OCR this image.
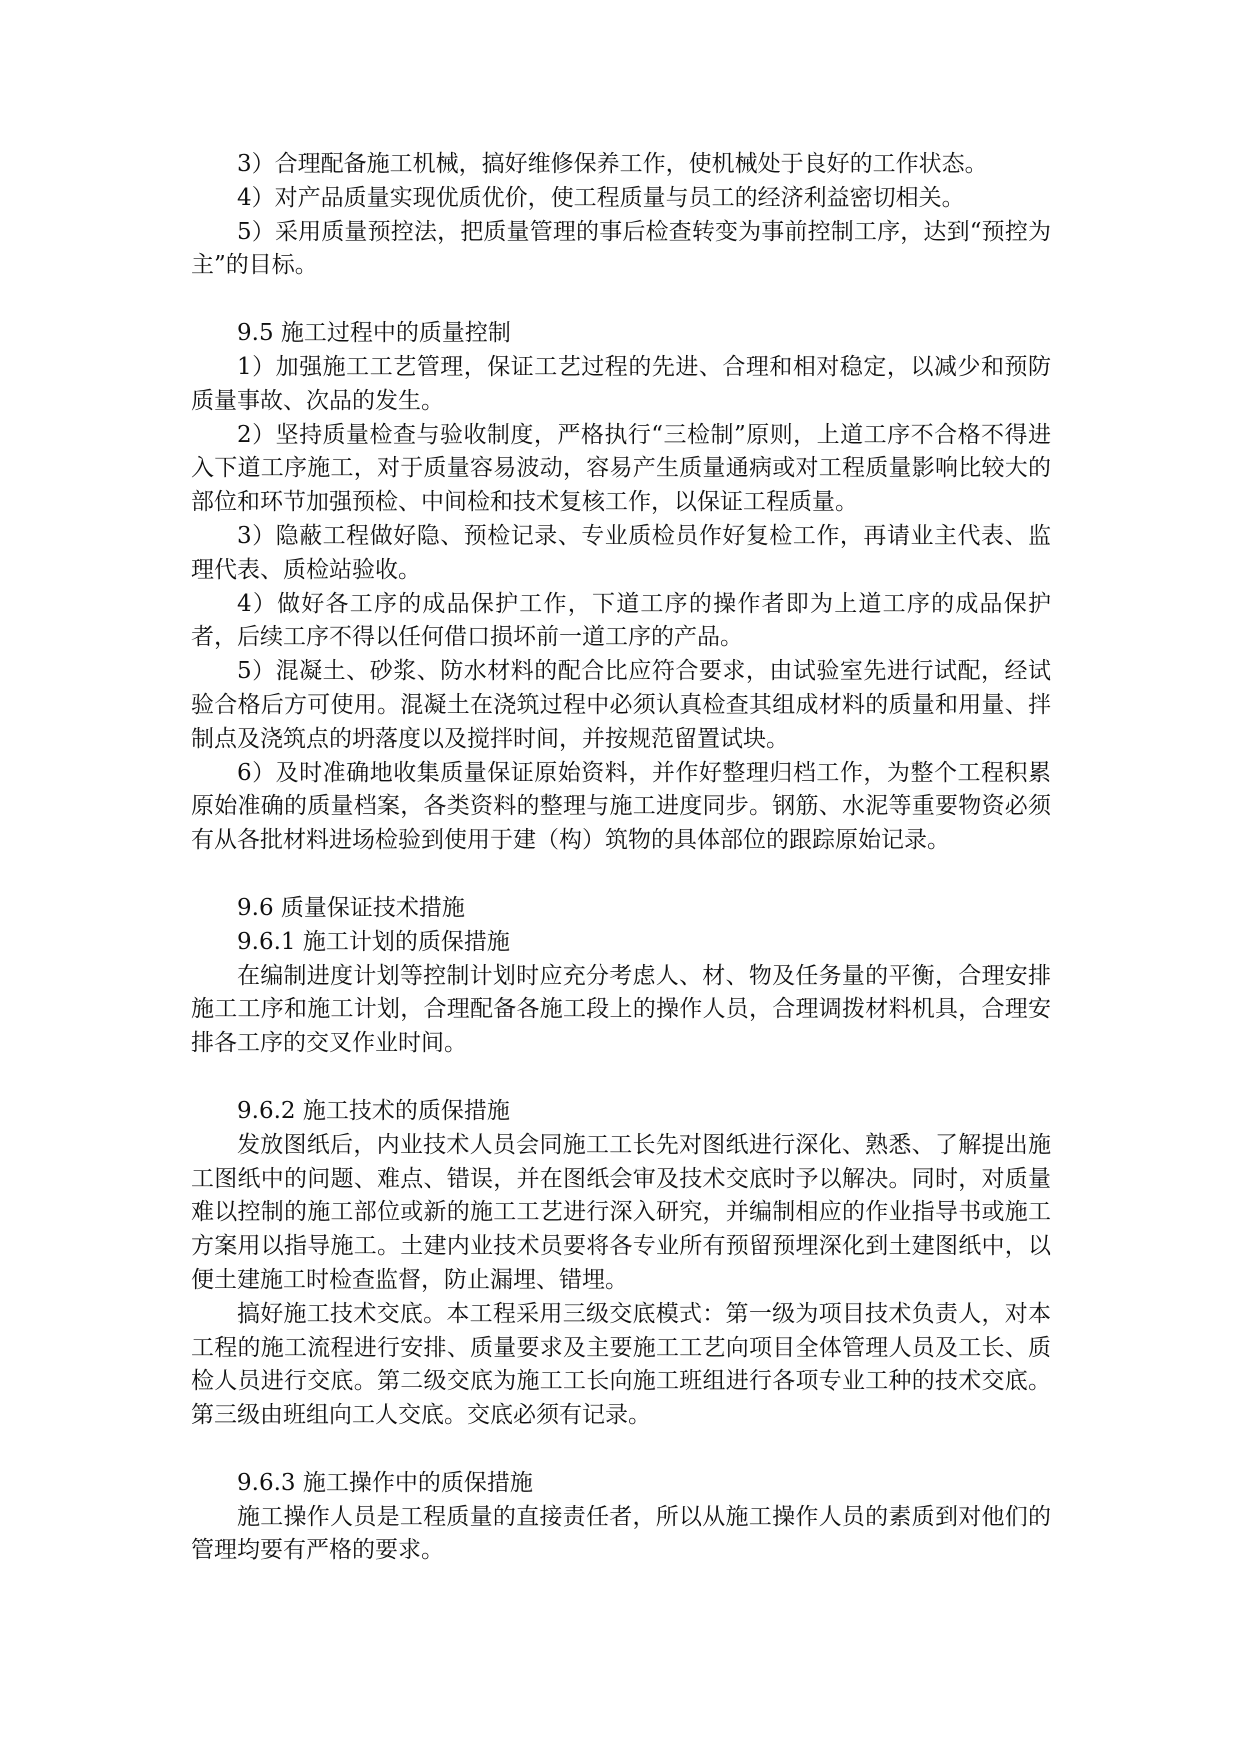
3）合理配备施工机械，搞好维修保养工作，使机械处于良好的工作状态。

4）对产品质量实现优质优价，使工程质量与员工的经济利益密切相关。

5）采用质量预控法，把质量管理的事后检查转变为事前控制工序，达到“预控为主”的目标。

9.5 施工过程中的质量控制

1）加强施工工艺管理，保证工艺过程的先进、合理和相对稳定，以减少和预防质量事故、次品的发生。

2）坚持质量检查与验收制度，严格执行“三检制”原则，上道工序不合格不得进入下道工序施工，对于质量容易波动，容易产生质量通病或对工程质量影响比较大的部位和环节加强预检、中间检和技术复核工作，以保证工程质量。

3）隐蔽工程做好隐、预检记录、专业质检员作好复检工作，再请业主代表、监理代表、质检站验收。

4）做好各工序的成品保护工作，下道工序的操作者即为上道工序的成品保护者，后续工序不得以任何借口损坏前一道工序的产品。

5）混凝土、砂浆、防水材料的配合比应符合要求，由试验室先进行试配，经试验合格后方可使用。混凝土在浇筑过程中必须认真检查其组成材料的质量和用量、拌制点及浇筑点的坍落度以及搅拌时间，并按规范留置试块。

6）及时准确地收集质量保证原始资料，并作好整理归档工作，为整个工程积累原始准确的质量档案，各类资料的整理与施工进度同步。钢筋、水泥等重要物资必须有从各批材料进场检验到使用于建（构）筑物的具体部位的跟踪原始记录。

9.6 质量保证技术措施

9.6.1 施工计划的质保措施

在编制进度计划等控制计划时应充分考虑人、材、物及任务量的平衡，合理安排施工工序和施工计划，合理配备各施工段上的操作人员，合理调拨材料机具，合理安排各工序的交叉作业时间。

9.6.2 施工技术的质保措施

发放图纸后，内业技术人员会同施工工长先对图纸进行深化、熟悉、了解提出施工图纸中的问题、难点、错误，并在图纸会审及技术交底时予以解决。同时，对质量难以控制的施工部位或新的施工工艺进行深入研究，并编制相应的作业指导书或施工方案用以指导施工。土建内业技术员要将各专业所有预留预埋深化到土建图纸中，以便土建施工时检查监督，防止漏埋、错埋。

搞好施工技术交底。本工程采用三级交底模式：第一级为项目技术负责人，对本工程的施工流程进行安排、质量要求及主要施工工艺向项目全体管理人员及工长、质检人员进行交底。第二级交底为施工工长向施工班组进行各项专业工种的技术交底。第三级由班组向工人交底。交底必须有记录。

9.6.3 施工操作中的质保措施

施工操作人员是工程质量的直接责任者，所以从施工操作人员的素质到对他们的管理均要有严格的要求。
